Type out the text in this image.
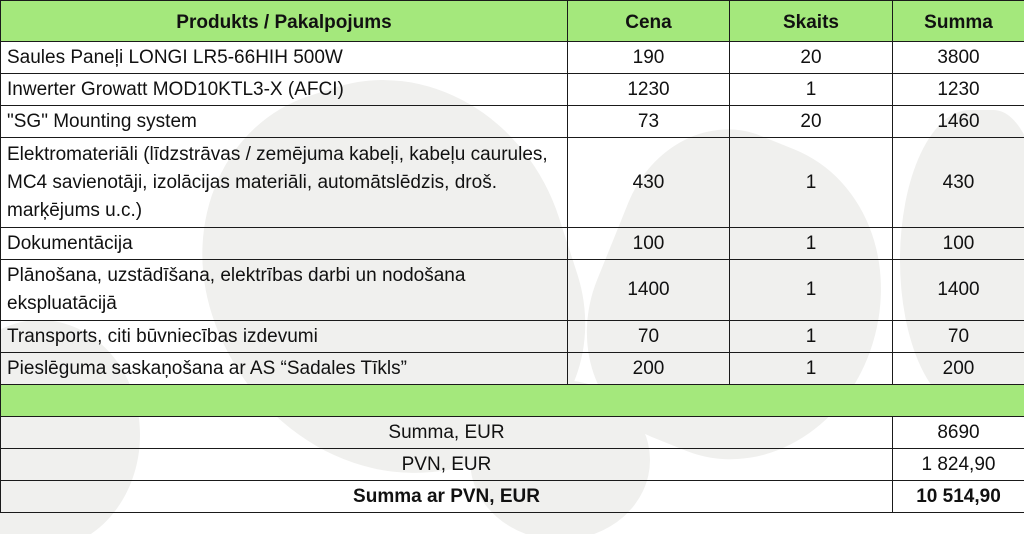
Produkts / Pakalpojums	Cena	Skaits	Summa
Saules Paneļi LONGI LR5-66HIH 500W	190	20	3800
Inwerter Growatt MOD10KTL3-X (AFCI)	1230	1	1230
"SG" Mounting system	73	20	1460
Elektromateriāli (līdzstrāvas / zemējuma kabeļi, kabeļu caurules, MC4 savienotāji, izolācijas materiāli, automātslēdzis, droš. marķējums u.c.)	430	1	430
Dokumentācija	100	1	100
Plānošana, uzstādīšana, elektrības darbi un nodošana ekspluatācijā	1400	1	1400
Transports, citi būvniecības izdevumi	70	1	70
Pieslēguma saskaņošana ar AS “Sadales Tīkls”	200	1	200

Summa, EUR			8690
PVN, EUR			1 824,90
Summa ar PVN, EUR			10 514,90
